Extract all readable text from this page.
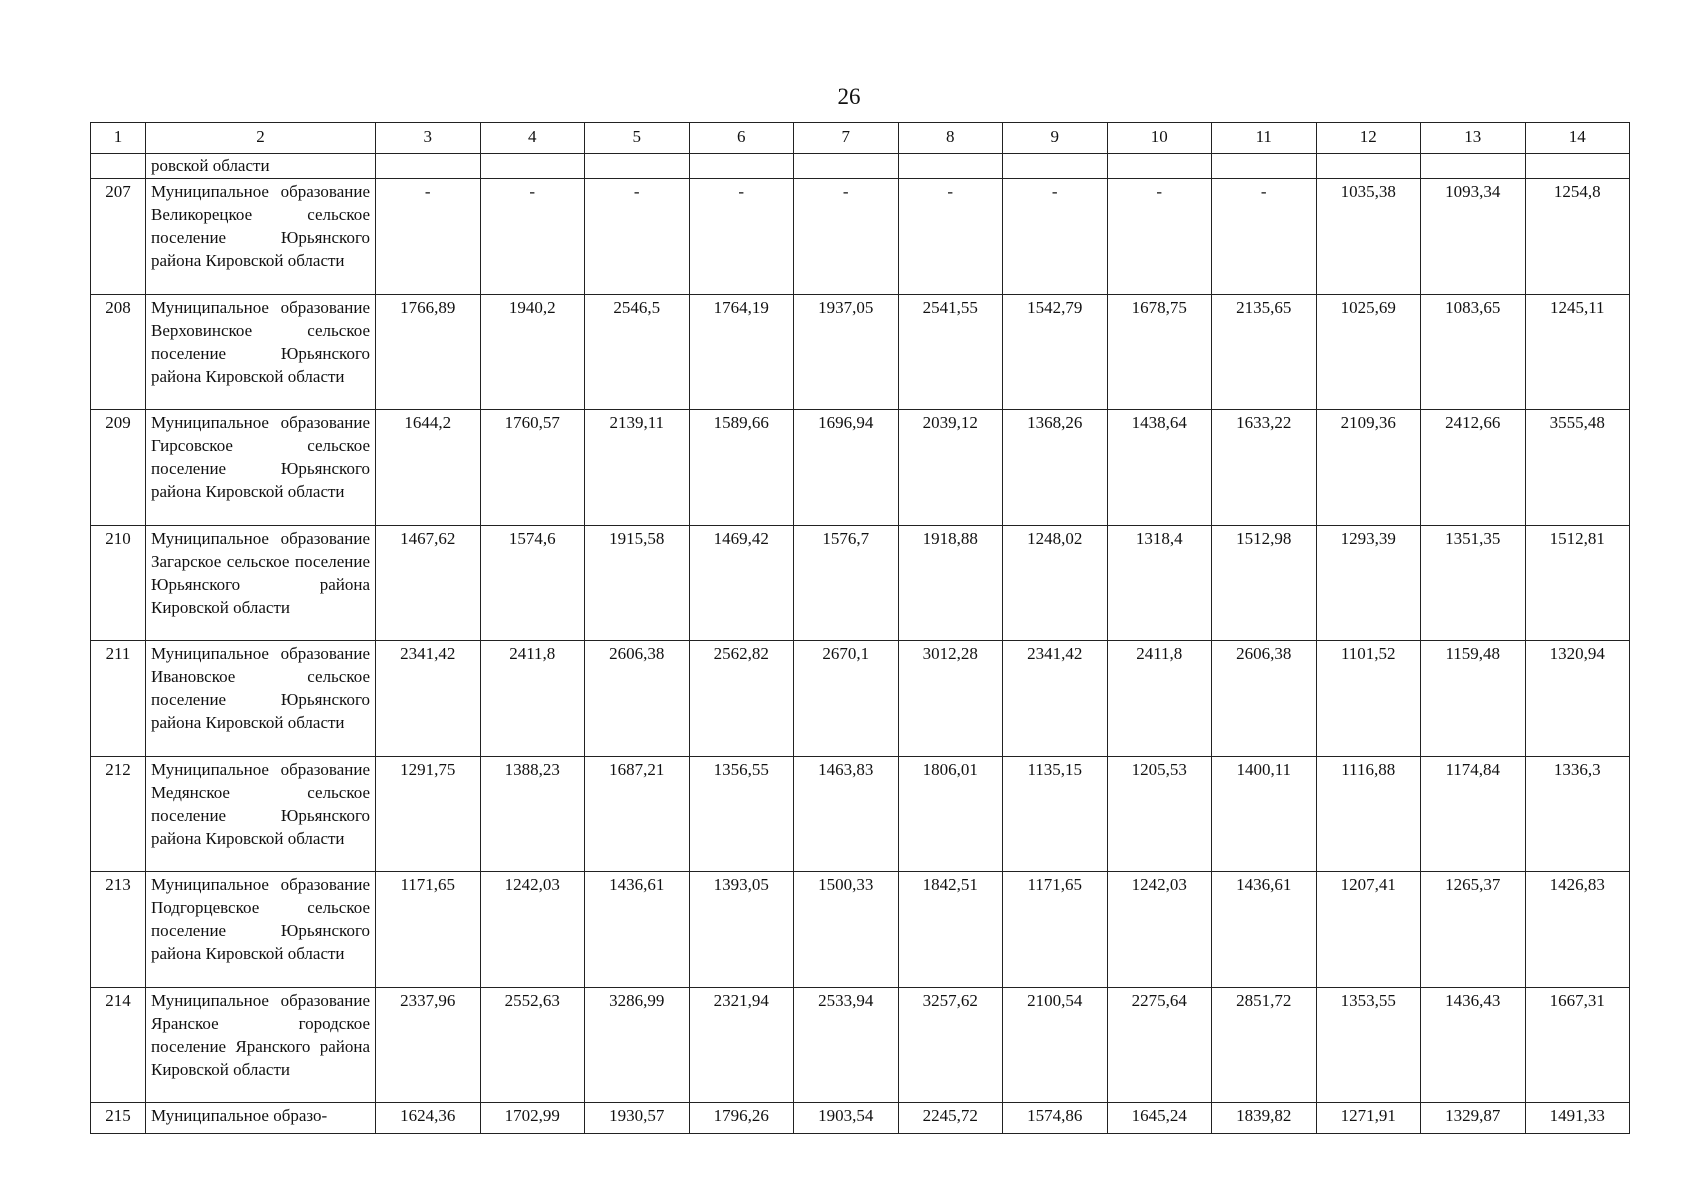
26
1	2	3	4	5	6	7	8	9	10	11	12	13	14
	ровской области												
207	Муниципальное образование Великорецкое сельское поселение Юрьянского района Кировской области	-	-	-	-	-	-	-	-	-	1035,38	1093,34	1254,8
208	Муниципальное образование Верховинское сельское поселение Юрьянского района Кировской области	1766,89	1940,2	2546,5	1764,19	1937,05	2541,55	1542,79	1678,75	2135,65	1025,69	1083,65	1245,11
209	Муниципальное образование Гирсовское сельское поселение Юрьянского района Кировской области	1644,2	1760,57	2139,11	1589,66	1696,94	2039,12	1368,26	1438,64	1633,22	2109,36	2412,66	3555,48
210	Муниципальное образование Загарское сельское поселение Юрьянского района Кировской области	1467,62	1574,6	1915,58	1469,42	1576,7	1918,88	1248,02	1318,4	1512,98	1293,39	1351,35	1512,81
211	Муниципальное образование Ивановское сельское поселение Юрьянского района Кировской области	2341,42	2411,8	2606,38	2562,82	2670,1	3012,28	2341,42	2411,8	2606,38	1101,52	1159,48	1320,94
212	Муниципальное образование Медянское сельское поселение Юрьянского района Кировской области	1291,75	1388,23	1687,21	1356,55	1463,83	1806,01	1135,15	1205,53	1400,11	1116,88	1174,84	1336,3
213	Муниципальное образование Подгорцевское сельское поселение Юрьянского района Кировской области	1171,65	1242,03	1436,61	1393,05	1500,33	1842,51	1171,65	1242,03	1436,61	1207,41	1265,37	1426,83
214	Муниципальное образование Яранское городское поселение Яранского района Кировской области	2337,96	2552,63	3286,99	2321,94	2533,94	3257,62	2100,54	2275,64	2851,72	1353,55	1436,43	1667,31
215	Муниципальное образо-	1624,36	1702,99	1930,57	1796,26	1903,54	2245,72	1574,86	1645,24	1839,82	1271,91	1329,87	1491,33
